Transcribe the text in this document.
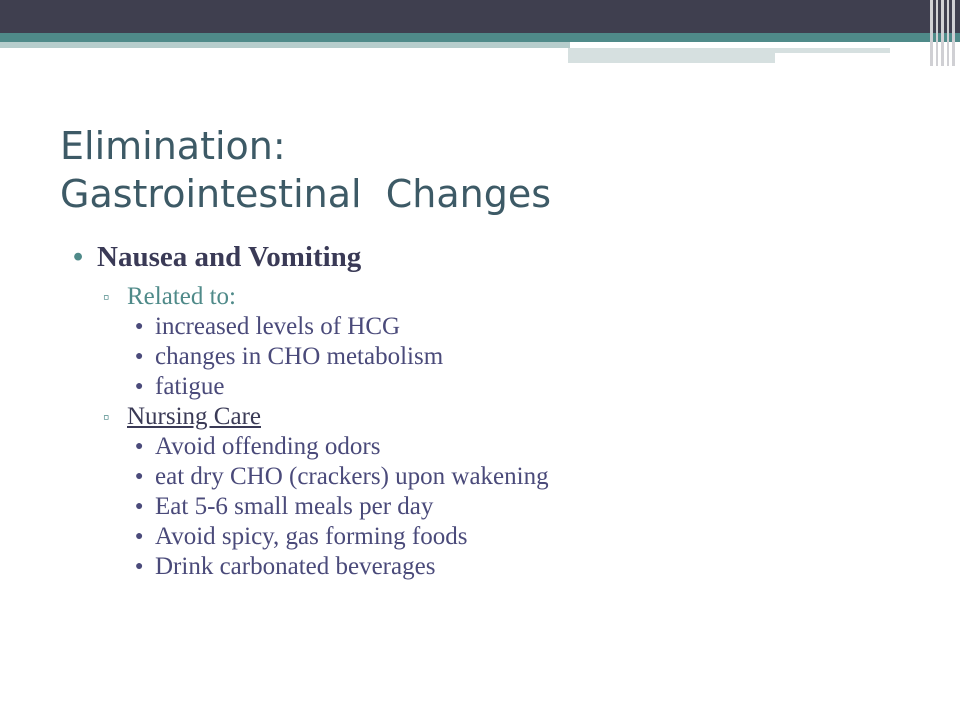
Elimination:
Gastrointestinal  Changes

• Nausea and Vomiting

▫ Related to:

● increased levels of HCG

● changes in CHO metabolism

● fatigue

▫ Nursing Care

● Avoid offending odors

● eat dry CHO (crackers) upon wakening

● Eat 5-6 small meals per day

● Avoid spicy, gas forming foods

● Drink carbonated beverages
